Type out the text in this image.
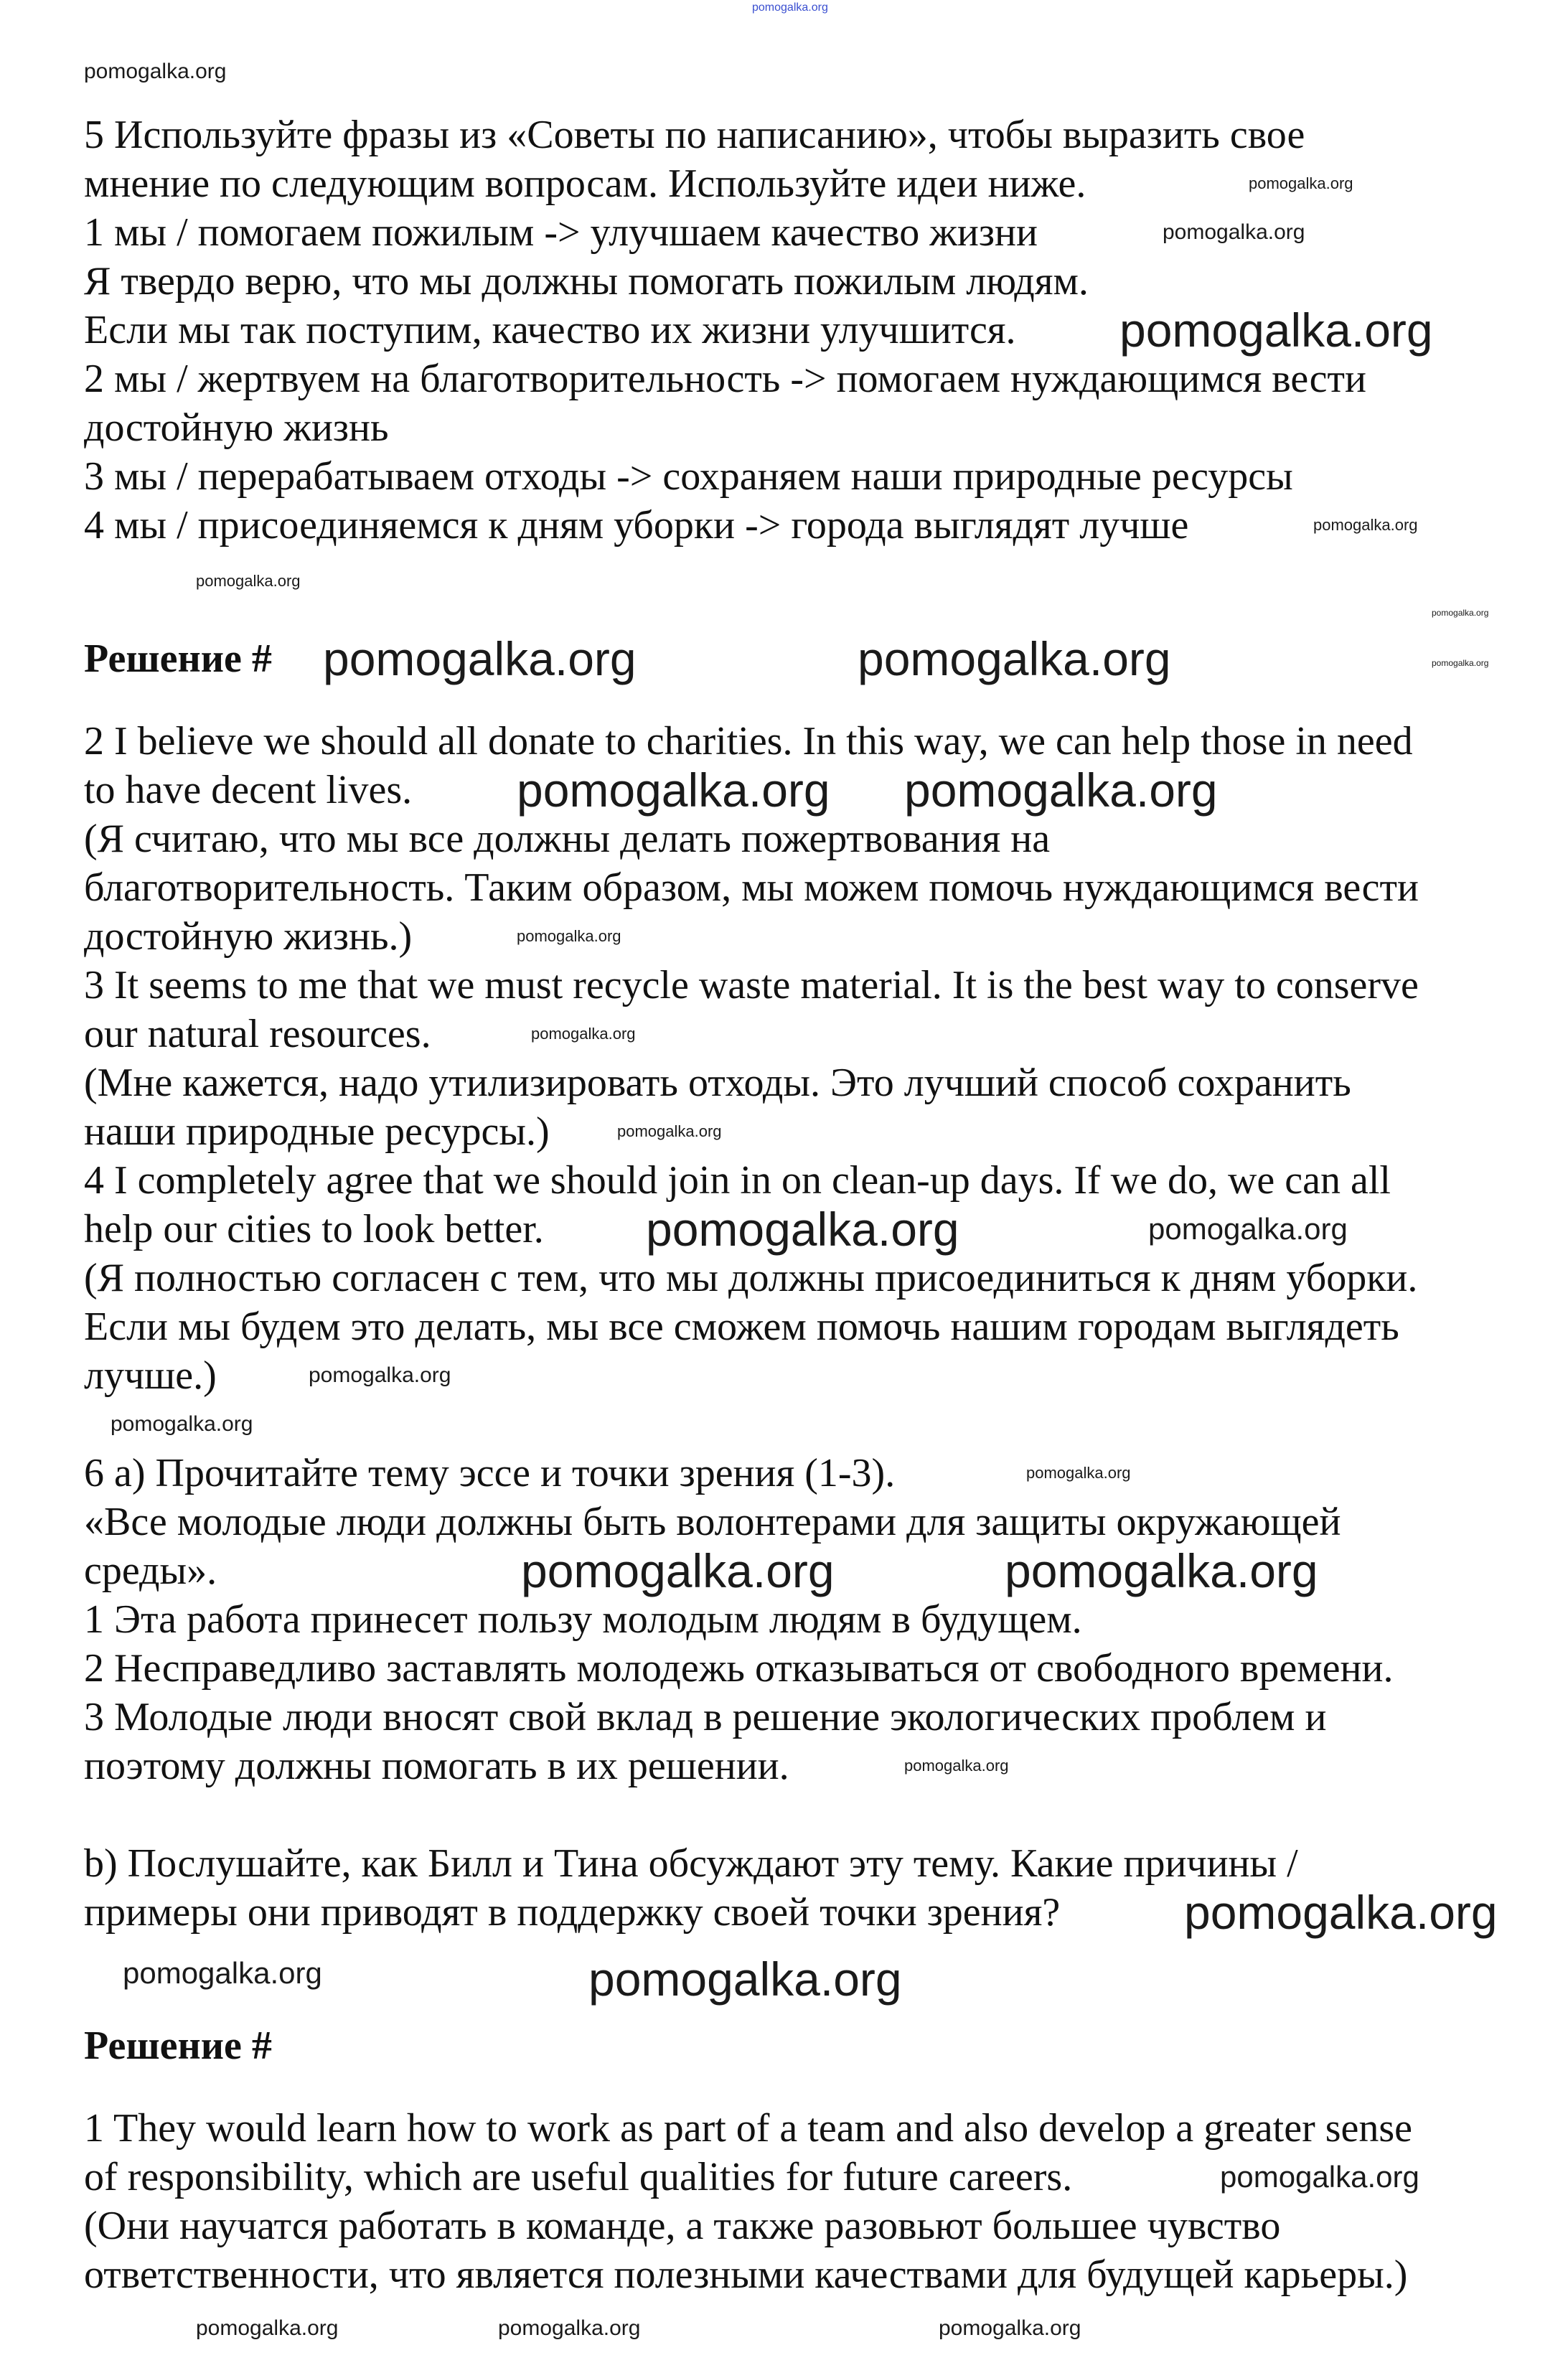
5 Используйте фразы из «Советы по написанию», чтобы выразить свое
мнение по следующим вопросам. Используйте идеи ниже.
1 мы / помогаем пожилым -> улучшаем качество жизни
Я твердо верю, что мы должны помогать пожилым людям.
Если мы так поступим, качество их жизни улучшится.
2 мы / жертвуем на благотворительность -> помогаем нуждающимся вести
достойную жизнь
3 мы / перерабатываем отходы -> сохраняем наши природные ресурсы
4 мы / присоединяемся к дням уборки -> города выглядят лучше
Решение #
2 I believe we should all donate to charities. In this way, we can help those in need
to have decent lives.
(Я считаю, что мы все должны делать пожертвования на
благотворительность. Таким образом, мы можем помочь нуждающимся вести
достойную жизнь.)
3 It seems to me that we must recycle waste material. It is the best way to conserve
our natural resources.
(Мне кажется, надо утилизировать отходы. Это лучший способ сохранить
наши природные ресурсы.)
4 I completely agree that we should join in on clean-up days. If we do, we can all
help our cities to look better.
(Я полностью согласен с тем, что мы должны присоединиться к дням уборки.
Если мы будем это делать, мы все сможем помочь нашим городам выглядеть
лучше.)
6 a) Прочитайте тему эссе и точки зрения (1-3).
«Все молодые люди должны быть волонтерами для защиты окружающей
среды».
1 Эта работа принесет пользу молодым людям в будущем.
2 Несправедливо заставлять молодежь отказываться от свободного времени.
3 Молодые люди вносят свой вклад в решение экологических проблем и
поэтому должны помогать в их решении.
b) Послушайте, как Билл и Тина обсуждают эту тему. Какие причины /
примеры они приводят в поддержку своей точки зрения?
Решение #
1 They would learn how to work as part of a team and also develop a greater sense
of responsibility, which are useful qualities for future careers.
(Они научатся работать в команде, а также разовьют большее чувство
ответственности, что является полезными качествами для будущей карьеры.)
pomogalka.org
pomogalka.org
pomogalka.org
pomogalka.org
pomogalka.org
pomogalka.org
pomogalka.org
pomogalka.org	pomogalka.org
pomogalka.org
pomogalka.org
pomogalka.org
pomogalka.org pomogalka.org
pomogalka.org
pomogalka.org
pomogalka.org	pomogalka.org
pomogalka.org
pomogalka.org
pomogalka.org	pomogalka.org
pomogalka.org
pomogalka.org
pomogalka.org
pomogalka.org	pomogalka.org
pomogalka.org
pomogalka.org	pomogalka.org	pomogalka.org
